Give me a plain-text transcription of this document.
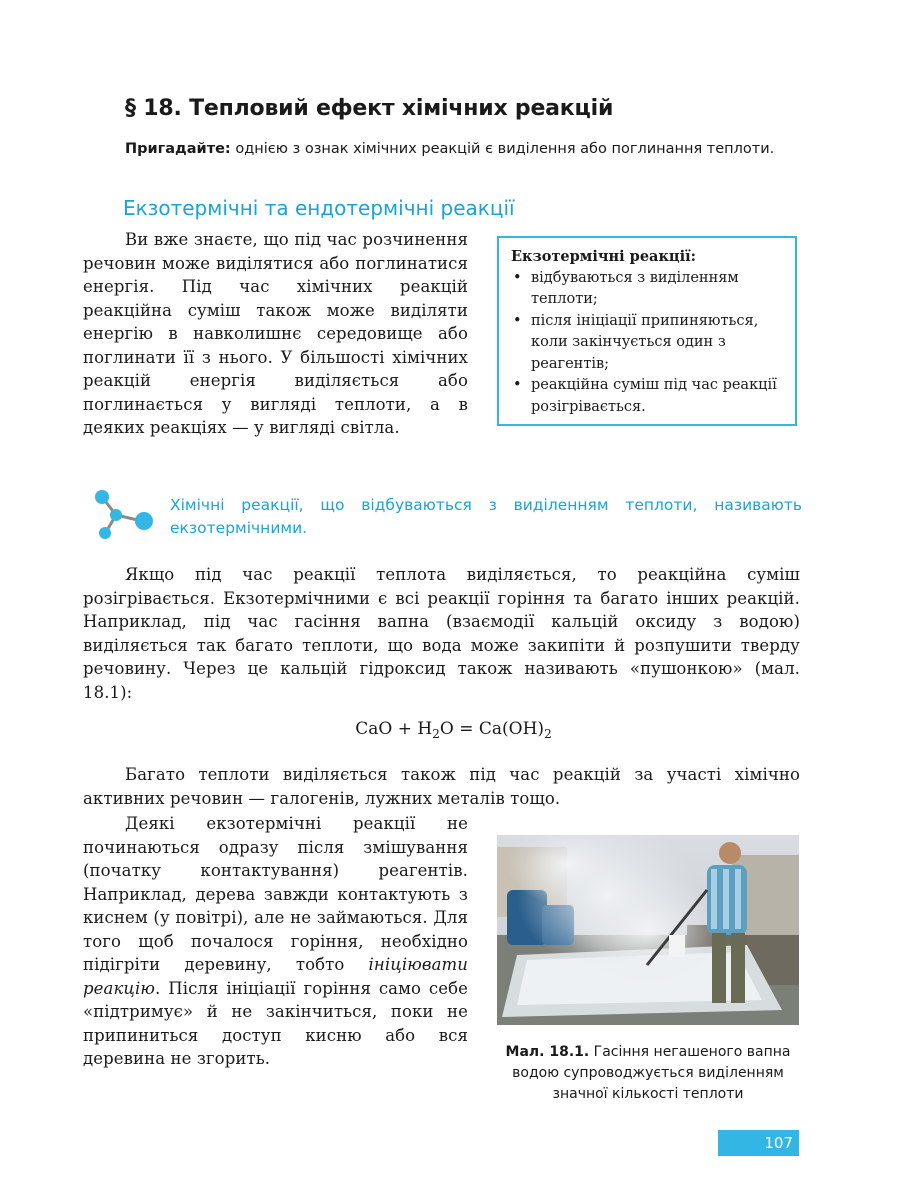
§ 18. Тепловий ефект хімічних реакцій
Пригадайте: однією з ознак хімічних реакцій є виділення або поглинання теплоти.
Екзотермічні та ендотермічні реакції

Ви вже знаєте, що під час розчинення речовин може виділятися або поглинатися енергія. Під час хімічних реакцій реакційна суміш також може виділяти енергію в навколишнє середовище або поглинати її з нього. У більшості хімічних реакцій енергія виділяється або поглинається у вигляді теплоти, а в деяких реакціях — у вигляді світла.

Екзотермічні реакції:
• відбуваються з виділенням теплоти;
• після ініціації припиняються, коли закінчується один з реагентів;
• реакційна суміш під час реакції розігрівається.
Хімічні реакції, що відбуваються з виділенням теплоти, називають екзотермічними.

Якщо під час реакції теплота виділяється, то реакційна суміш розігрівається. Екзотермічними є всі реакції горіння та багато інших реакцій. Наприклад, під час гасіння вапна (взаємодії кальцій оксиду з водою) виділяється так багато теплоти, що вода може закипіти й розпушити тверду речовину. Через це кальцій гідроксид також називають «пушонкою» (мал. 18.1):

CaO + $H_2O = Ca(OH)_2$

Багато теплоти виділяється також під час реакцій за участі хімічно активних речовин — галогенів, лужних металів тощо.

Деякі екзотермічні реакції не починаються одразу після змішування (початку контактування) реагентів. Наприклад, дерева завжди контактують з киснем (у повітрі), але не займаються. Для того щоб почалося горіння, необхідно підігріти деревину, тобто ініціювати реакцію. Після ініціації горіння само себе «підтримує» й не закінчиться, поки не припиниться доступ кисню або вся деревина не згорить.	Мал. 18.1. Гасіння негашеного вапна водою супроводжується виділенням значної кількості теплоти
107
